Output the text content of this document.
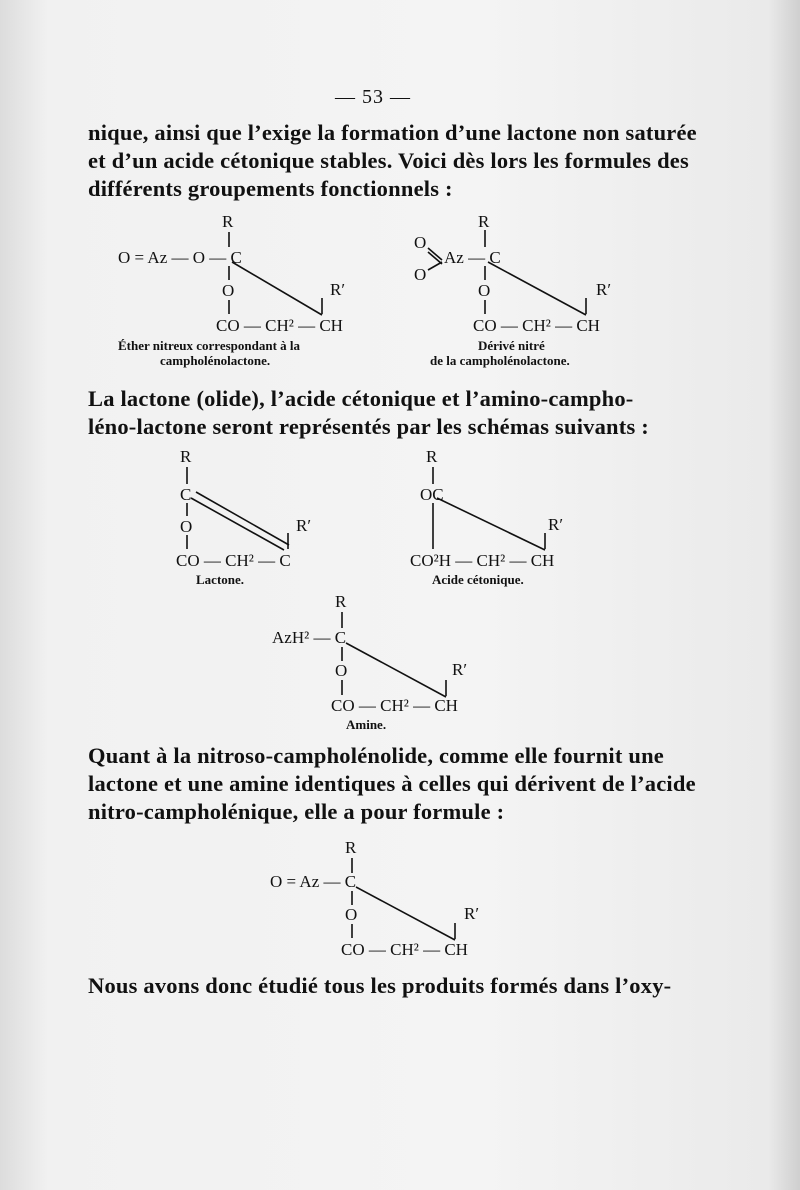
— 53 —
nique, ainsi que l’exige la formation d’une lactone non saturée
et d’un acide cétonique stables. Voici dès lors les formules des
différents groupements fonctionnels :
La lactone (olide), l’acide cétonique et l’amino-campho-
léno-lactone seront représentés par les schémas suivants :
Quant à la nitroso-campholénolide, comme elle fournit une
lactone et une amine identiques à celles qui dérivent de l’acide
nitro-campholénique, elle a pour formule :
Nous avons donc étudié tous les produits formés dans l’oxy-
R
O = Az — O — C
O	R′
CO — CH² — CH
Éther nitreux correspondant à la
campholénolactone.
R
O
Az — C
O
O	R′
CO — CH² — CH
Dérivé nitré
de la campholénolactone.
R
C
O	R′
CO — CH² — C
Lactone.
R
OC
R′
CO²H — CH² — CH
Acide cétonique.
R
AzH² — C
O	R′
CO — CH² — CH
Amine.
R
O = Az — C
O	R′
CO — CH² — CH
